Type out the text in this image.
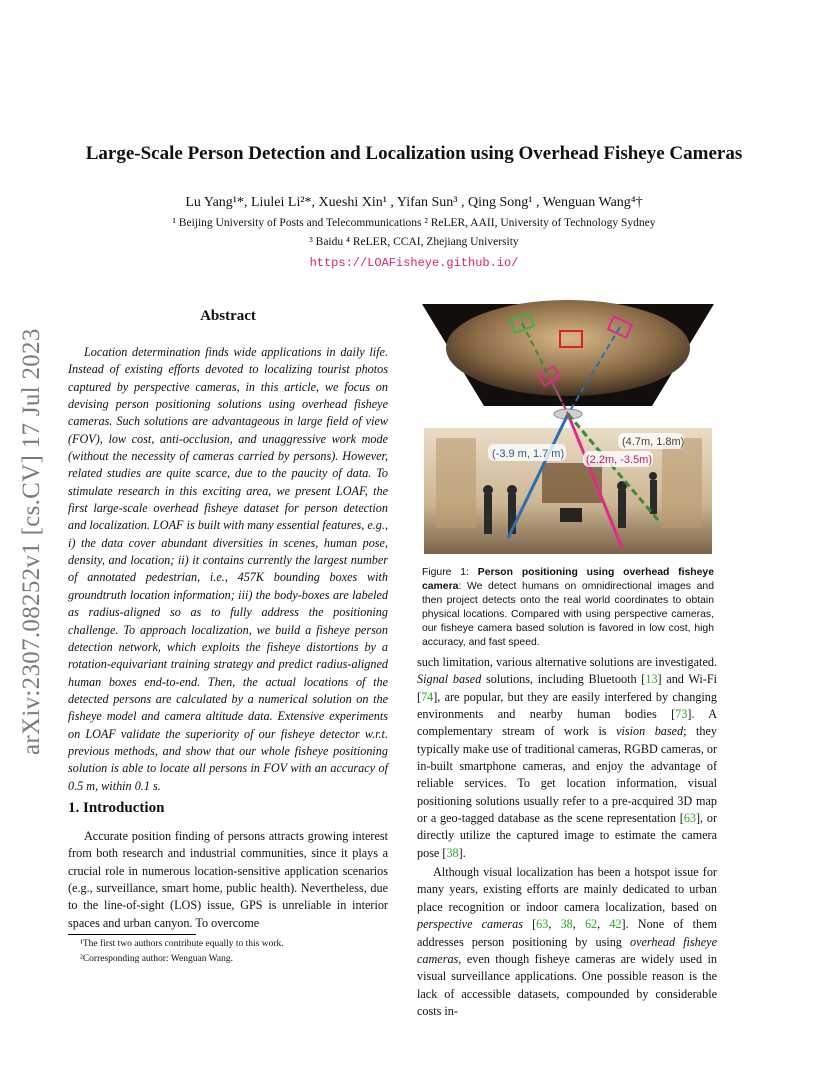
Large-Scale Person Detection and Localization using Overhead Fisheye Cameras
Lu Yang¹*, Liulei Li²*, Xueshi Xin¹ , Yifan Sun³ , Qing Song¹ , Wenguan Wang⁴†
¹ Beijing University of Posts and Telecommunications ² ReLER, AAII, University of Technology Sydney
³ Baidu ⁴ ReLER, CCAI, Zhejiang University
https://LOAFisheye.github.io/
arXiv:2307.08252v1 [cs.CV] 17 Jul 2023
Abstract
Location determination finds wide applications in daily life. Instead of existing efforts devoted to localizing tourist photos captured by perspective cameras, in this article, we focus on devising person positioning solutions using overhead fisheye cameras. Such solutions are advantageous in large field of view (FOV), low cost, anti-occlusion, and unaggressive work mode (without the necessity of cameras carried by persons). However, related studies are quite scarce, due to the paucity of data. To stimulate research in this exciting area, we present LOAF, the first large-scale overhead fisheye dataset for person detection and localization. LOAF is built with many essential features, e.g., i) the data cover abundant diversities in scenes, human pose, density, and location; ii) it contains currently the largest number of annotated pedestrian, i.e., 457K bounding boxes with groundtruth location information; iii) the body-boxes are labeled as radius-aligned so as to fully address the positioning challenge. To approach localization, we build a fisheye person detection network, which exploits the fisheye distortions by a rotation-equivariant training strategy and predict radius-aligned human boxes end-to-end. Then, the actual locations of the detected persons are calculated by a numerical solution on the fisheye model and camera altitude data. Extensive experiments on LOAF validate the superiority of our fisheye detector w.r.t. previous methods, and show that our whole fisheye positioning solution is able to locate all persons in FOV with an accuracy of 0.5 m, within 0.1 s.
1. Introduction
Accurate position finding of persons attracts growing interest from both research and industrial communities, since it plays a crucial role in numerous location-sensitive application scenarios (e.g., surveillance, smart home, public health). Nevertheless, due to the line-of-sight (LOS) issue, GPS is unreliable in interior spaces and urban canyon. To overcome
¹The first two authors contribute equally to this work.
²Corresponding author: Wenguan Wang.
(-3.9 m, 1.7 m) (2.2m, -3.5m)
(4.7m, 1.8m)
Figure 1: Person positioning using overhead fisheye camera: We detect humans on omnidirectional images and then project detects onto the real world coordinates to obtain physical locations. Compared with using perspective cameras, our fisheye camera based solution is favored in low cost, high accuracy, and fast speed.

such limitation, various alternative solutions are investigated. Signal based solutions, including Bluetooth [13] and Wi-Fi [74], are popular, but they are easily interfered by changing environments and nearby human bodies [73]. A complementary stream of work is vision based; they typically make use of traditional cameras, RGBD cameras, or in-built smartphone cameras, and enjoy the advantage of reliable services. To get location information, visual positioning solutions usually refer to a pre-acquired 3D map or a geo-tagged database as the scene representation [63], or directly utilize the captured image to estimate the camera pose [38].

Although visual localization has been a hotspot issue for many years, existing efforts are mainly dedicated to urban place recognition or indoor camera localization, based on perspective cameras [63, 38, 62, 42]. None of them addresses person positioning by using overhead fisheye cameras, even though fisheye cameras are widely used in visual surveillance applications. One possible reason is the lack of accessible datasets, compounded by considerable costs in-
